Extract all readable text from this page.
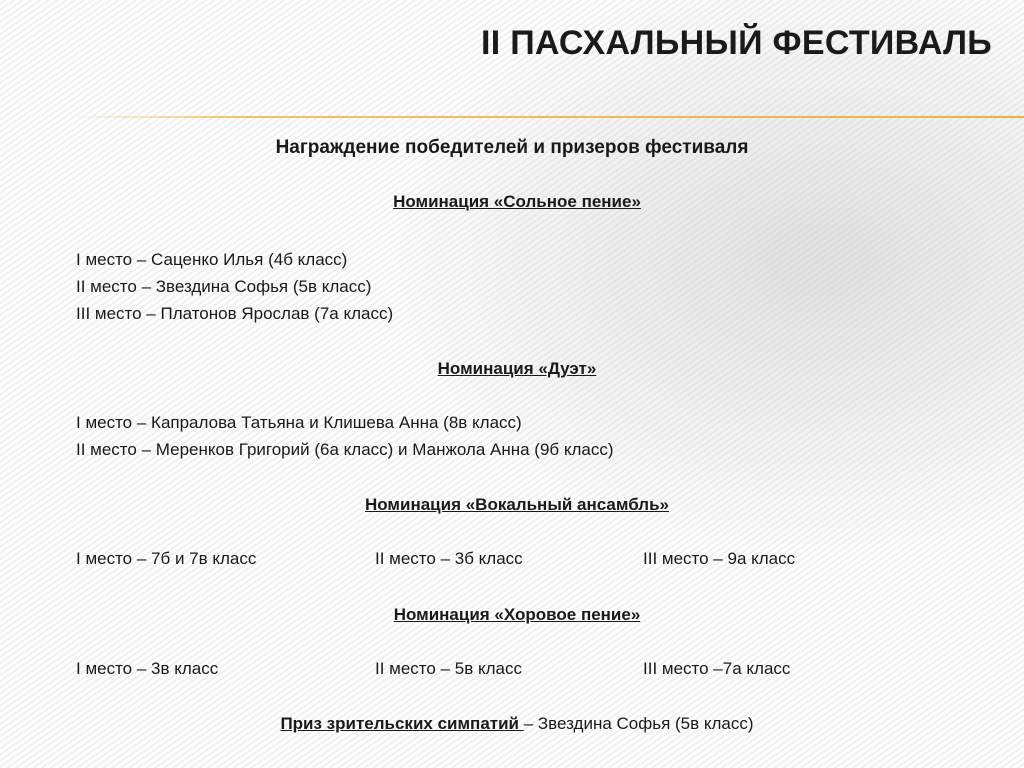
II ПАСХАЛЬНЫЙ ФЕСТИВАЛЬ
Награждение победителей и призеров фестиваля
Номинация «Сольное пение»
I место – Саценко Илья (4б класс)
II место – Звездина Софья (5в класс)
III место – Платонов Ярослав (7а класс)
Номинация «Дуэт»
I место – Капралова Татьяна и Клишева Анна (8в класс)
II место – Меренков Григорий (6а класс) и Манжола Анна (9б класс)
Номинация «Вокальный ансамбль»
I место – 7б и 7в класс	II место – 3б класс	III место – 9а класс
Номинация «Хоровое пение»
I место – 3в класс	II место – 5в класс	III место –7а класс
Приз зрительских симпатий – Звездина Софья (5в класс)
